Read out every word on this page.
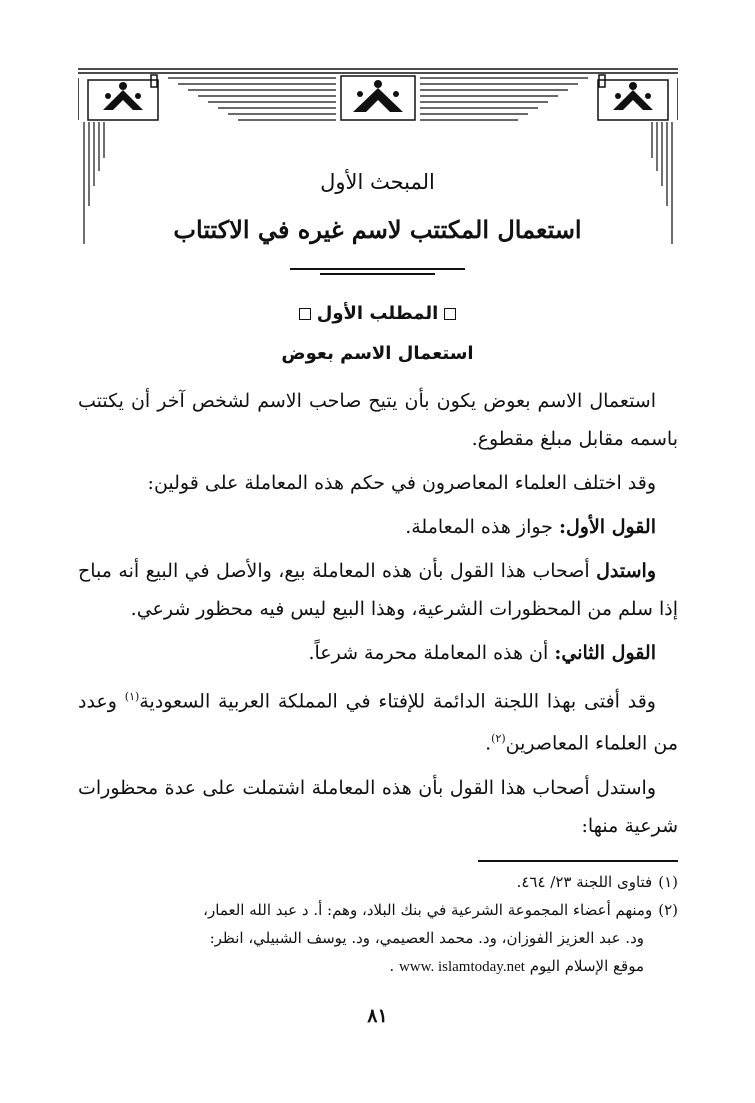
المبحث الأول
استعمال المكتتب لاسم غيره في الاكتتاب
المطلب الأول
استعمال الاسم بعوض

استعمال الاسم بعوض يكون بأن يتيح صاحب الاسم لشخص آخر أن يكتتب باسمه مقابل مبلغ مقطوع.

وقد اختلف العلماء المعاصرون في حكم هذه المعاملة على قولين:

القول الأول: جواز هذه المعاملة.

واستدل أصحاب هذا القول بأن هذه المعاملة بيع، والأصل في البيع أنه مباح إذا سلم من المحظورات الشرعية، وهذا البيع ليس فيه محظور شرعي.

القول الثاني: أن هذه المعاملة محرمة شرعاً.

وقد أفتى بهذا اللجنة الدائمة للإفتاء في المملكة العربية السعودية$^{(١)}$ وعدد من العلماء المعاصرين$^{(٢)}$.

واستدل أصحاب هذا القول بأن هذه المعاملة اشتملت على عدة محظورات شرعية منها:

(١)فتاوى اللجنة ٢٣/ ٤٦٤.

(٢)ومنهم أعضاء المجموعة الشرعية في بنك البلاد، وهم: أ. د عبد الله العمار،

ود. عبد العزيز الفوزان، ود. محمد العصيمي، ود. يوسف الشبيلي، انظر:

موقع الإسلام اليوم www. islamtoday.net .

٨١
